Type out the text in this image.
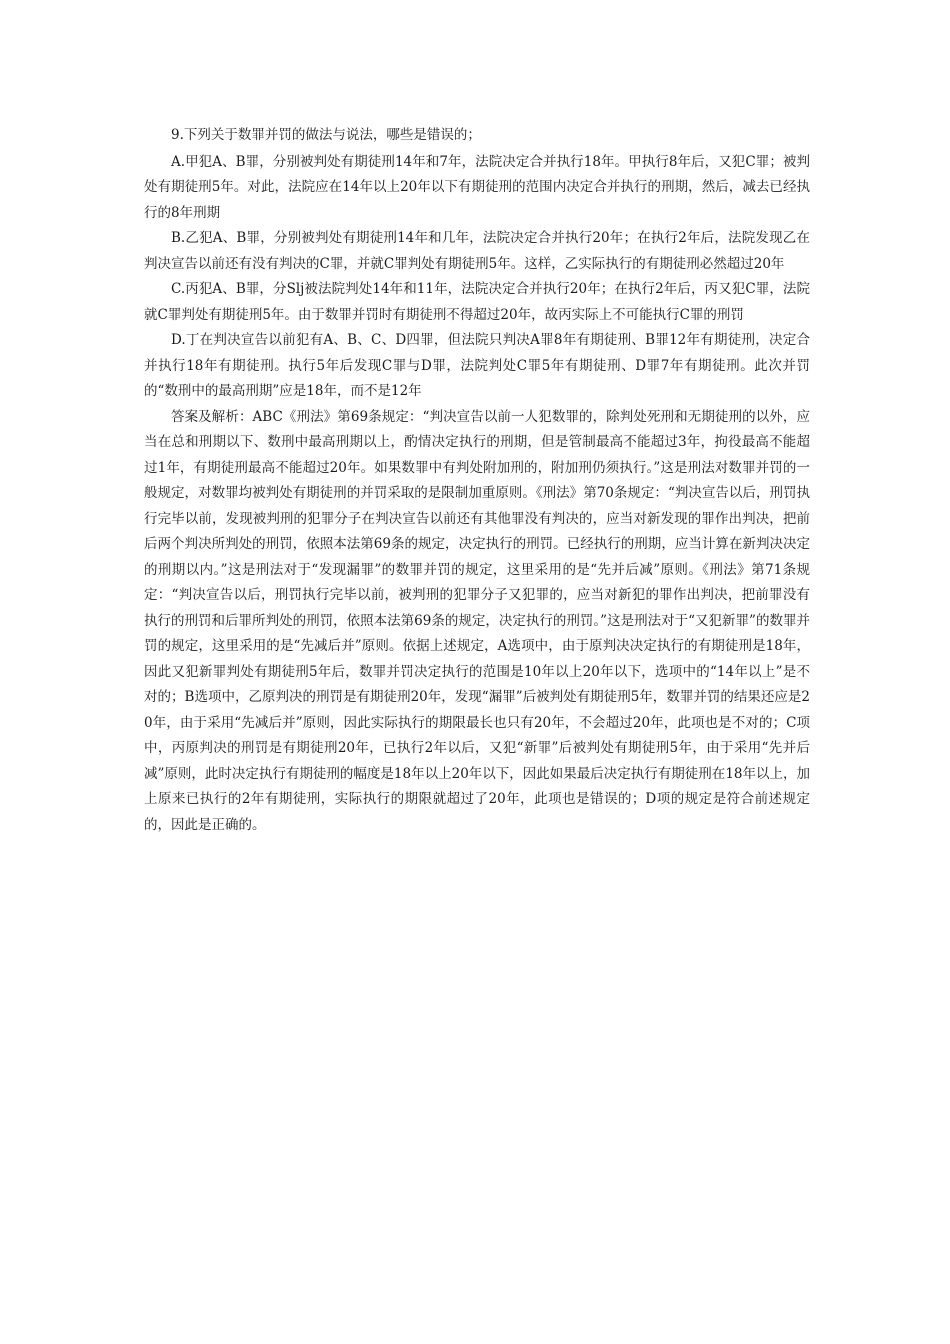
9.下列关于数罪并罚的做法与说法，哪些是错误的；

A.甲犯A、B罪，分别被判处有期徒刑14年和7年，法院决定合并执行18年。甲执行8年后，又犯C罪；被判处有期徒刑5年。对此，法院应在14年以上20年以下有期徒刑的范围内决定合并执行的刑期，然后，减去已经执行的8年刑期

B.乙犯A、B罪，分别被判处有期徒刑14年和几年，法院决定合并执行20年；在执行2年后，法院发现乙在判决宣告以前还有没有判决的C罪，并就C罪判处有期徒刑5年。这样，乙实际执行的有期徒刑必然超过20年

C.丙犯A、B罪，分Slj被法院判处14年和11年，法院决定合并执行20年；在执行2年后，丙又犯C罪，法院就C罪判处有期徒刑5年。由于数罪并罚时有期徒刑不得超过20年，故丙实际上不可能执行C罪的刑罚

D.丁在判决宣告以前犯有A、B、C、D四罪，但法院只判决A罪8年有期徒刑、B罪12年有期徒刑，决定合并执行18年有期徒刑。执行5年后发现C罪与D罪，法院判处C罪5年有期徒刑、D罪7年有期徒刑。此次并罚的“数刑中的最高刑期”应是18年，而不是12年

答案及解析：ABC《刑法》第69条规定：“判决宣告以前一人犯数罪的，除判处死刑和无期徒刑的以外，应当在总和刑期以下、数刑中最高刑期以上，酌情决定执行的刑期，但是管制最高不能超过3年，拘役最高不能超过1年，有期徒刑最高不能超过20年。如果数罪中有判处附加刑的，附加刑仍须执行。”这是刑法对数罪并罚的一般规定，对数罪均被判处有期徒刑的并罚采取的是限制加重原则。《刑法》第70条规定：“判决宣告以后，刑罚执行完毕以前，发现被判刑的犯罪分子在判决宣告以前还有其他罪没有判决的，应当对新发现的罪作出判决，把前后两个判决所判处的刑罚，依照本法第69条的规定，决定执行的刑罚。已经执行的刑期，应当计算在新判决决定的刑期以内。”这是刑法对于“发现漏罪”的数罪并罚的规定，这里采用的是“先并后减”原则。《刑法》第71条规定：“判决宣告以后，刑罚执行完毕以前，被判刑的犯罪分子又犯罪的，应当对新犯的罪作出判决，把前罪没有执行的刑罚和后罪所判处的刑罚，依照本法第69条的规定，决定执行的刑罚。”这是刑法对于“又犯新罪”的数罪并罚的规定，这里采用的是“先减后并”原则。依据上述规定，A选项中，由于原判决决定执行的有期徒刑是18年，因此又犯新罪判处有期徒刑5年后，数罪并罚决定执行的范围是10年以上20年以下，选项中的“14年以上”是不对的；B选项中，乙原判决的刑罚是有期徒刑20年，发现“漏罪”后被判处有期徒刑5年，数罪并罚的结果还应是20年，由于采用“先减后并”原则，因此实际执行的期限最长也只有20年，不会超过20年，此项也是不对的；C项中，丙原判决的刑罚是有期徒刑20年，已执行2年以后，又犯“新罪”后被判处有期徒刑5年，由于采用“先并后减”原则，此时决定执行有期徒刑的幅度是18年以上20年以下，因此如果最后决定执行有期徒刑在18年以上，加上原来已执行的2年有期徒刑，实际执行的期限就超过了20年，此项也是错误的；D项的规定是符合前述规定的，因此是正确的。
